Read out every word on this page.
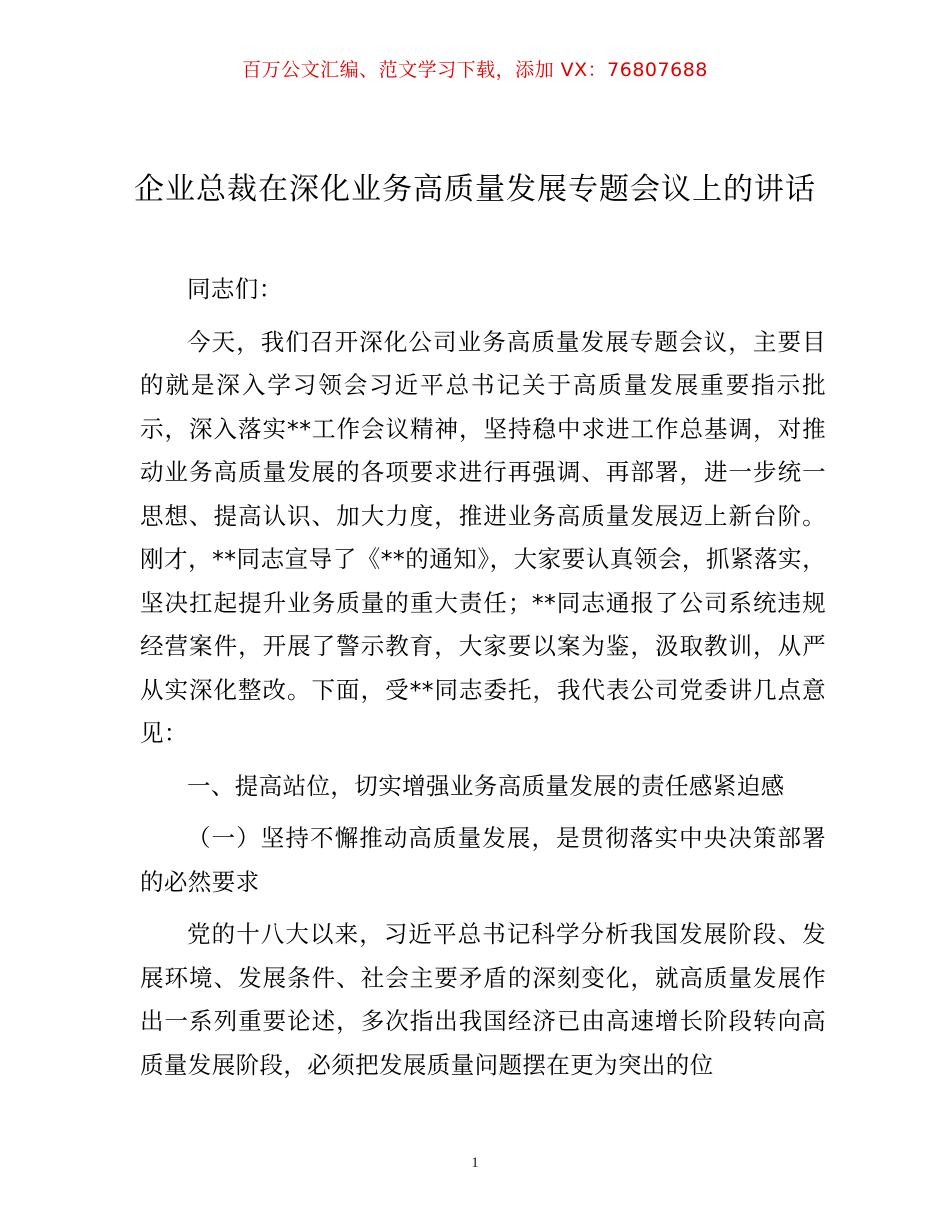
百万公文汇编、范文学习下载，添加 VX：76807688
企业总裁在深化业务高质量发展专题会议上的讲话

同志们：

今天，我们召开深化公司业务高质量发展专题会议，主要目的就是深入学习领会习近平总书记关于高质量发展重要指示批示，深入落实**工作会议精神，坚持稳中求进工作总基调，对推动业务高质量发展的各项要求进行再强调、再部署，进一步统一思想、提高认识、加大力度，推进业务高质量发展迈上新台阶。刚才，**同志宣导了《**的通知》，大家要认真领会，抓紧落实，坚决扛起提升业务质量的重大责任；**同志通报了公司系统违规经营案件，开展了警示教育，大家要以案为鉴，汲取教训，从严从实深化整改。下面，受**同志委托，我代表公司党委讲几点意见：

一、提高站位，切实增强业务高质量发展的责任感紧迫感

（一）坚持不懈推动高质量发展，是贯彻落实中央决策部署的必然要求

党的十八大以来，习近平总书记科学分析我国发展阶段、发展环境、发展条件、社会主要矛盾的深刻变化，就高质量发展作出一系列重要论述，多次指出我国经济已由高速增长阶段转向高质量发展阶段，必须把发展质量问题摆在更为突出的位

1
